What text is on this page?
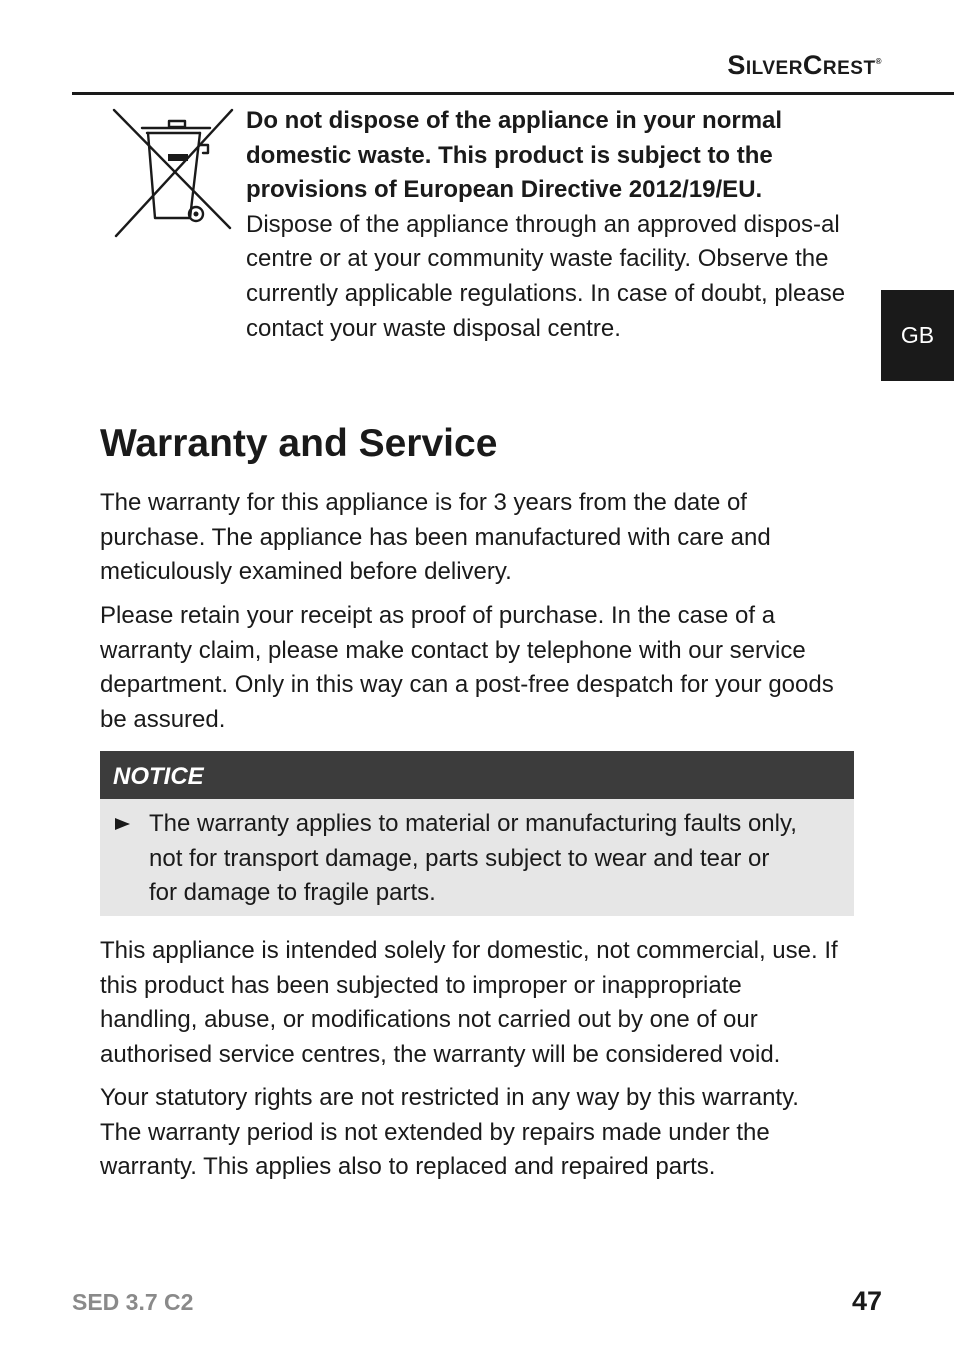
SilverCrest®
GB

Do not dispose of the appliance in your normal domestic waste. This product is subject to the provisions of European Directive 2012/19/EU.

Dispose of the appliance through an approved dispos-al centre or at your community waste facility. Observe the currently applicable regulations. In case of doubt, please contact your waste disposal centre.

Warranty and Service

The warranty for this appliance is for 3 years from the date of purchase. The appliance has been manufactured with care and meticulously examined before delivery.

Please retain your receipt as proof of purchase. In the case of a warranty claim, please make contact by telephone with our service department. Only in this way can a post-free despatch for your goods be assured.

NOTICE
The warranty applies to material or manufacturing faults only, not for transport damage, parts subject to wear and tear or for damage to fragile parts.

This appliance is intended solely for domestic, not commercial, use. If this product has been subjected to improper or inappropriate handling, abuse, or modifications not carried out by one of our authorised service centres, the warranty will be considered void.

Your statutory rights are not restricted in any way by this warranty. The warranty period is not extended by repairs made under the warranty. This applies also to replaced and repaired parts.

SED 3.7 C2	47
